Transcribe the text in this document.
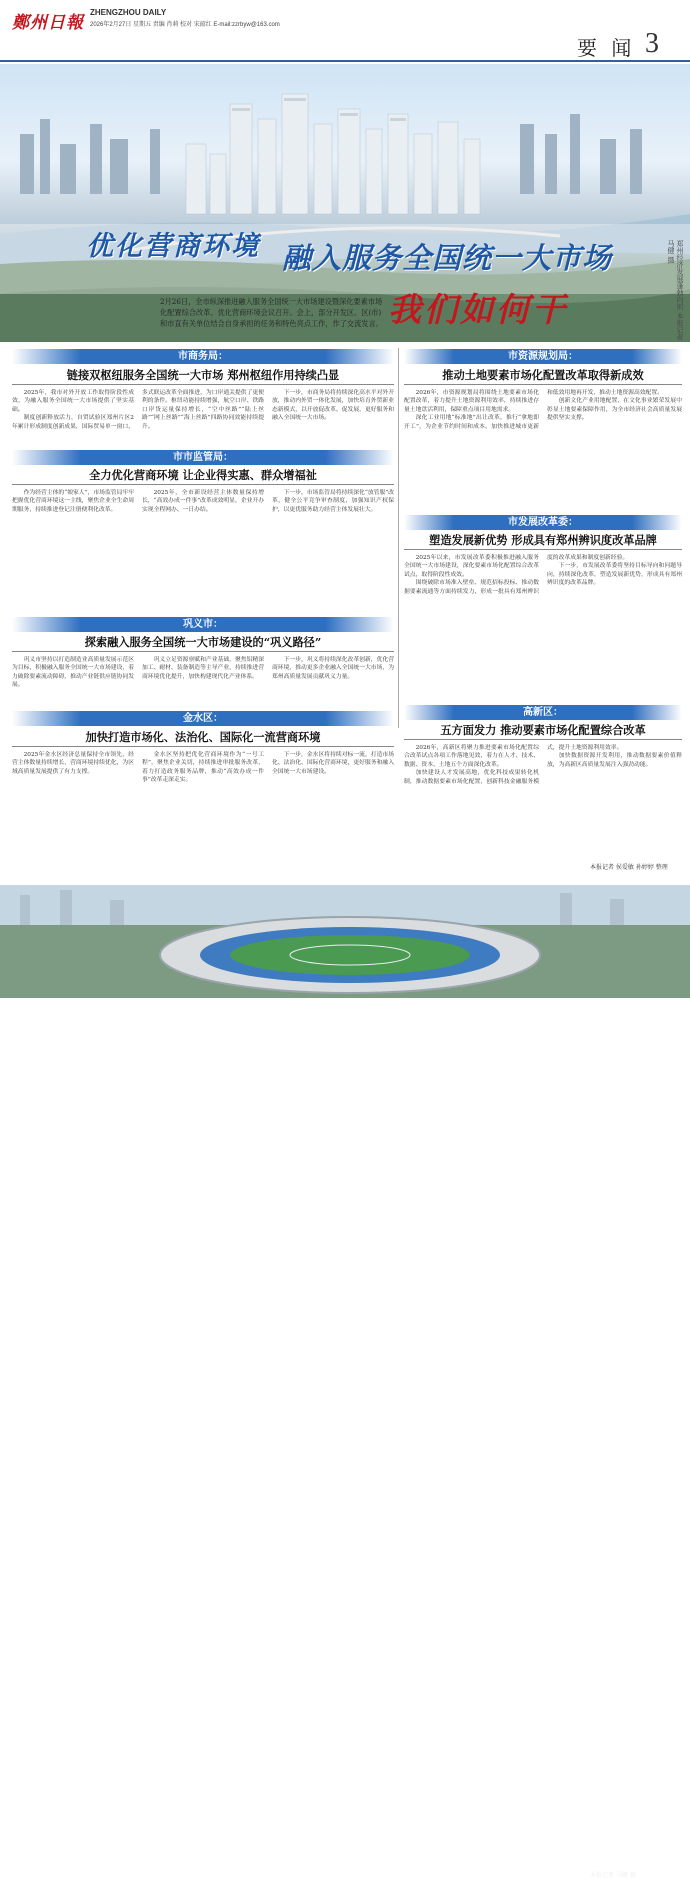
鄭州日報
ZHENGZHOU DAILY
2026年2月27日 星期五 责编 肖莉 校对 宋韶红 E-mail:zzrbyw@163.com
要 闻 3
郑州经济发展蓬勃向前 本报记者 马健 摄
优化营商环境 融入服务全国统一大市场
我们如何干
2月26日，全市纵深推进融入服务全国统一大市场建设暨深化要素市场化配置综合改革、优化营商环境会议召开。会上，部分开发区、区(市)和市直有关单位结合自身承担的任务和特色亮点工作，作了交流发言。
市商务局：
链接双枢纽服务全国统一大市场 郑州枢纽作用持续凸显

2025年，我市对外开放工作取得阶段性成效，为融入服务全国统一大市场提供了坚实基础。

制度创新释放活力，自贸试验区郑州片区2年累计形成制度创新成果，国际贸易单一窗口、多式联运改革全面推进，为口岸通关提供了更便利的条件。枢纽功能持续增强，航空口岸、铁路口岸货运量保持增长，“空中丝路”“陆上丝路”“网上丝路”“海上丝路”四路协同效能持续提升。

下一步，市商务局将持续深化高水平对外开放，推动内外贸一体化发展，加快培育外贸新业态新模式，以开放促改革、促发展，更好服务和融入全国统一大市场。

市市监管局：
全力优化营商环境 让企业得实惠、群众增福祉

作为经营主体的“娘家人”，市场监管局牢牢把握优化营商环境这一主线，聚焦企业全生命周期服务，持续推进登记注册便利化改革。

2025年，全市新设经营主体数量保持增长，“高效办成一件事”改革成效明显，企业开办实现全程网办、一日办结。

下一步，市场监管局将持续深化“放管服”改革，健全公平竞争审查制度，加强知识产权保护，以更优服务助力经营主体发展壮大。

巩义市：
探索融入服务全国统一大市场建设的“巩义路径”

巩义市坚持以打造制造业高质量发展示范区为目标，积极融入服务全国统一大市场建设，着力破除要素流动障碍，推动产业链供应链协同发展。

巩义立足资源禀赋和产业基础，聚焦铝精深加工、耐材、装备制造等主导产业，持续推进营商环境优化提升，加快构建现代化产业体系。

下一步，巩义将持续深化改革创新，优化营商环境，推动更多企业融入全国统一大市场，为郑州高质量发展贡献巩义力量。

金水区：
加快打造市场化、法治化、国际化一流营商环境

2025年金水区经济总量保持全市领先，经营主体数量持续增长，营商环境持续优化，为区域高质量发展提供了有力支撑。

金水区坚持把优化营商环境作为“一号工程”，聚焦企业关切，持续推进审批服务改革，着力打造政务服务品牌，推动“高效办成一件事”改革走深走实。

下一步，金水区将持续对标一流，打造市场化、法治化、国际化营商环境，更好服务和融入全国统一大市场建设。

市资源规划局：
推动土地要素市场化配置改革取得新成效

2026年，市资源规划局将围绕土地要素市场化配置改革，着力提升土地资源利用效率，持续推进存量土地盘活利用，保障重点项目用地需求。

深化工业用地“标准地”出让改革，推行“拿地即开工”，为企业节约时间和成本。加快推进城市更新和低效用地再开发，推动土地资源高效配置。

创新文化产业用地配置，在文化事业繁荣发展中彰显土地要素保障作用，为全市经济社会高质量发展提供坚实支撑。

市发展改革委：
塑造发展新优势 形成具有郑州辨识度改革品牌

2025年以来，市发展改革委积极推进融入服务全国统一大市场建设，深化要素市场化配置综合改革试点，取得阶段性成效。

围绕破除市场准入壁垒、规范招标投标、推动数据要素流通等方面持续发力，形成一批具有郑州辨识度的改革成果和制度创新经验。

下一步，市发展改革委将坚持目标导向和问题导向，持续深化改革，塑造发展新优势，形成具有郑州辨识度的改革品牌。

高新区：
五方面发力 推动要素市场化配置综合改革

2026年，高新区将聚力推进要素市场化配置综合改革试点各项工作落地见效，着力在人才、技术、数据、资本、土地五个方面深化改革。

加快建设人才发展高地，优化科技成果转化机制，推动数据要素市场化配置，创新科技金融服务模式，提升土地资源利用效率。

加快数据资源开发利用，推动数据要素价值释放，为高新区高质量发展注入强劲动能。

本报记者 侯爱敏 孙婷婷 整理
本报记者 马健 摄
